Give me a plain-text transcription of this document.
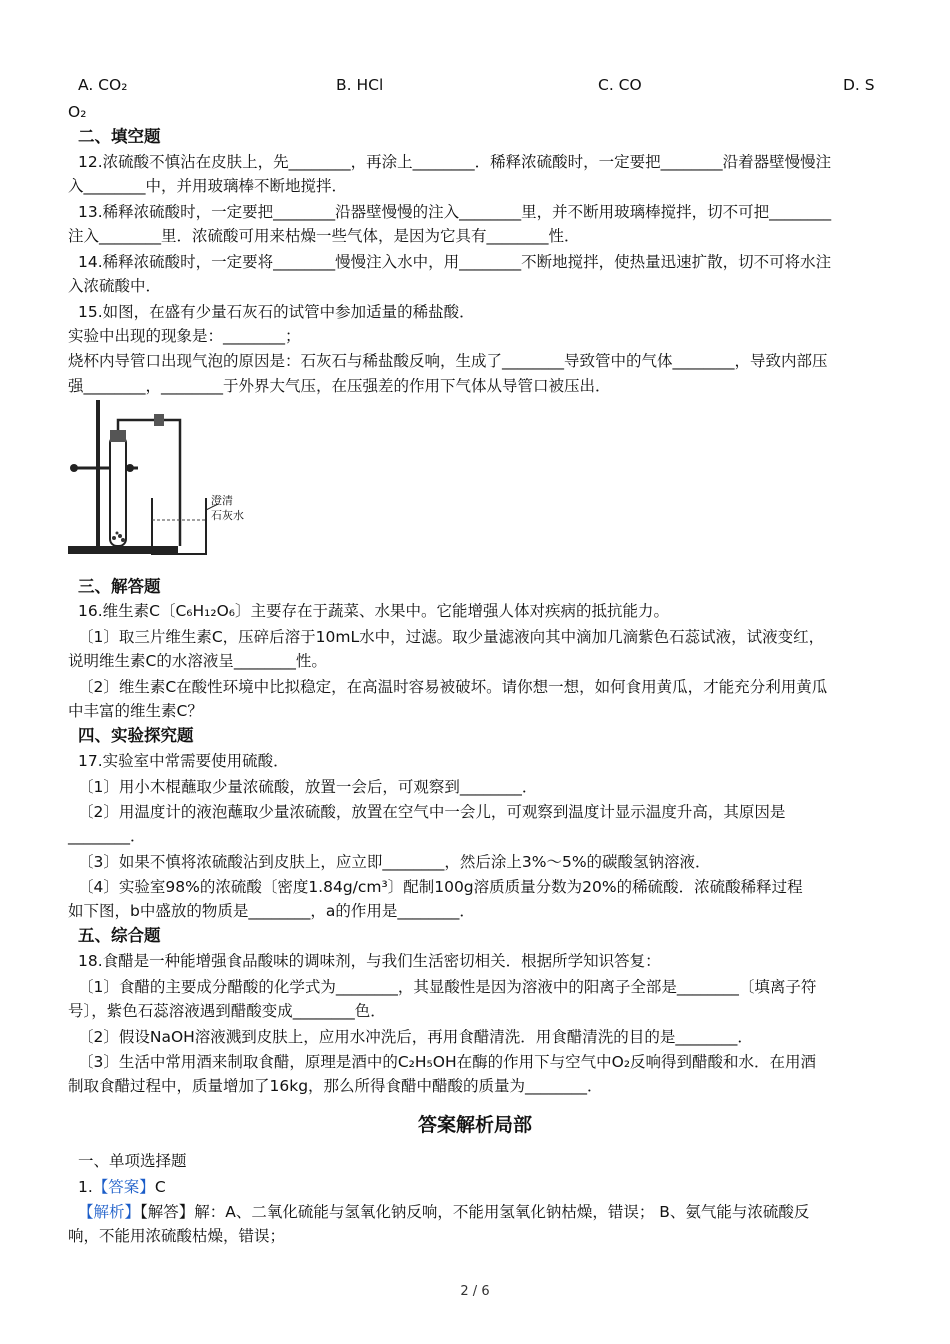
A. CO₂	B. HCl	C. CO	D. S
O₂
二、填空题
12.浓硫酸不慎沾在皮肤上，先________，再涂上________．稀释浓硫酸时，一定要把________沿着器壁慢慢注
入________中，并用玻璃棒不断地搅拌．
13.稀释浓硫酸时，一定要把________沿器壁慢慢的注入________里，并不断用玻璃棒搅拌，切不可把________
注入________里．浓硫酸可用来枯燥一些气体，是因为它具有________性．
14.稀释浓硫酸时，一定要将________慢慢注入水中，用________不断地搅拌，使热量迅速扩散，切不可将水注
入浓硫酸中．
15.如图，在盛有少量石灰石的试管中参加适量的稀盐酸．
实验中出现的现象是：________；
烧杯内导管口出现气泡的原因是：石灰石与稀盐酸反响，生成了________导致管中的气体________，导致内部压
强________，________于外界大气压，在压强差的作用下气体从导管口被压出．
澄清
石灰水
三、解答题
16.维生素C〔C₆H₁₂O₆〕主要存在于蔬菜、水果中。它能增强人体对疾病的抵抗能力。
〔1〕取三片维生素C，压碎后溶于10mL水中，过滤。取少量滤液向其中滴加几滴紫色石蕊试液，试液变红，
说明维生素C的水溶液呈________性。
〔2〕维生素C在酸性环境中比拟稳定，在高温时容易被破坏。请你想一想，如何食用黄瓜，才能充分利用黄瓜
中丰富的维生素C？
四、实验探究题
17.实验室中常需要使用硫酸．
〔1〕用小木棍蘸取少量浓硫酸，放置一会后，可观察到________．
〔2〕用温度计的液泡蘸取少量浓硫酸，放置在空气中一会儿，可观察到温度计显示温度升高，其原因是
________．
〔3〕如果不慎将浓硫酸沾到皮肤上，应立即________，然后涂上3%～5%的碳酸氢钠溶液．
〔4〕实验室98%的浓硫酸〔密度1.84g/cm³〕配制100g溶质质量分数为20%的稀硫酸．浓硫酸稀释过程
如下图，b中盛放的物质是________，a的作用是________．
五、综合题
18.食醋是一种能增强食品酸味的调味剂，与我们生活密切相关．根据所学知识答复：
〔1〕食醋的主要成分醋酸的化学式为________，其显酸性是因为溶液中的阳离子全部是________〔填离子符
号〕，紫色石蕊溶液遇到醋酸变成________色．
〔2〕假设NaOH溶液溅到皮肤上，应用水冲洗后，再用食醋清洗．用食醋清洗的目的是________．
〔3〕生活中常用酒来制取食醋，原理是酒中的C₂H₅OH在酶的作用下与空气中O₂反响得到醋酸和水．在用酒
制取食醋过程中，质量增加了16kg，那么所得食醋中醋酸的质量为________．
答案解析局部
一、单项选择题
1.【答案】C
【解析】【解答】解：A、二氧化硫能与氢氧化钠反响，不能用氢氧化钠枯燥，错误； B、氨气能与浓硫酸反
响，不能用浓硫酸枯燥，错误；
2 / 6
